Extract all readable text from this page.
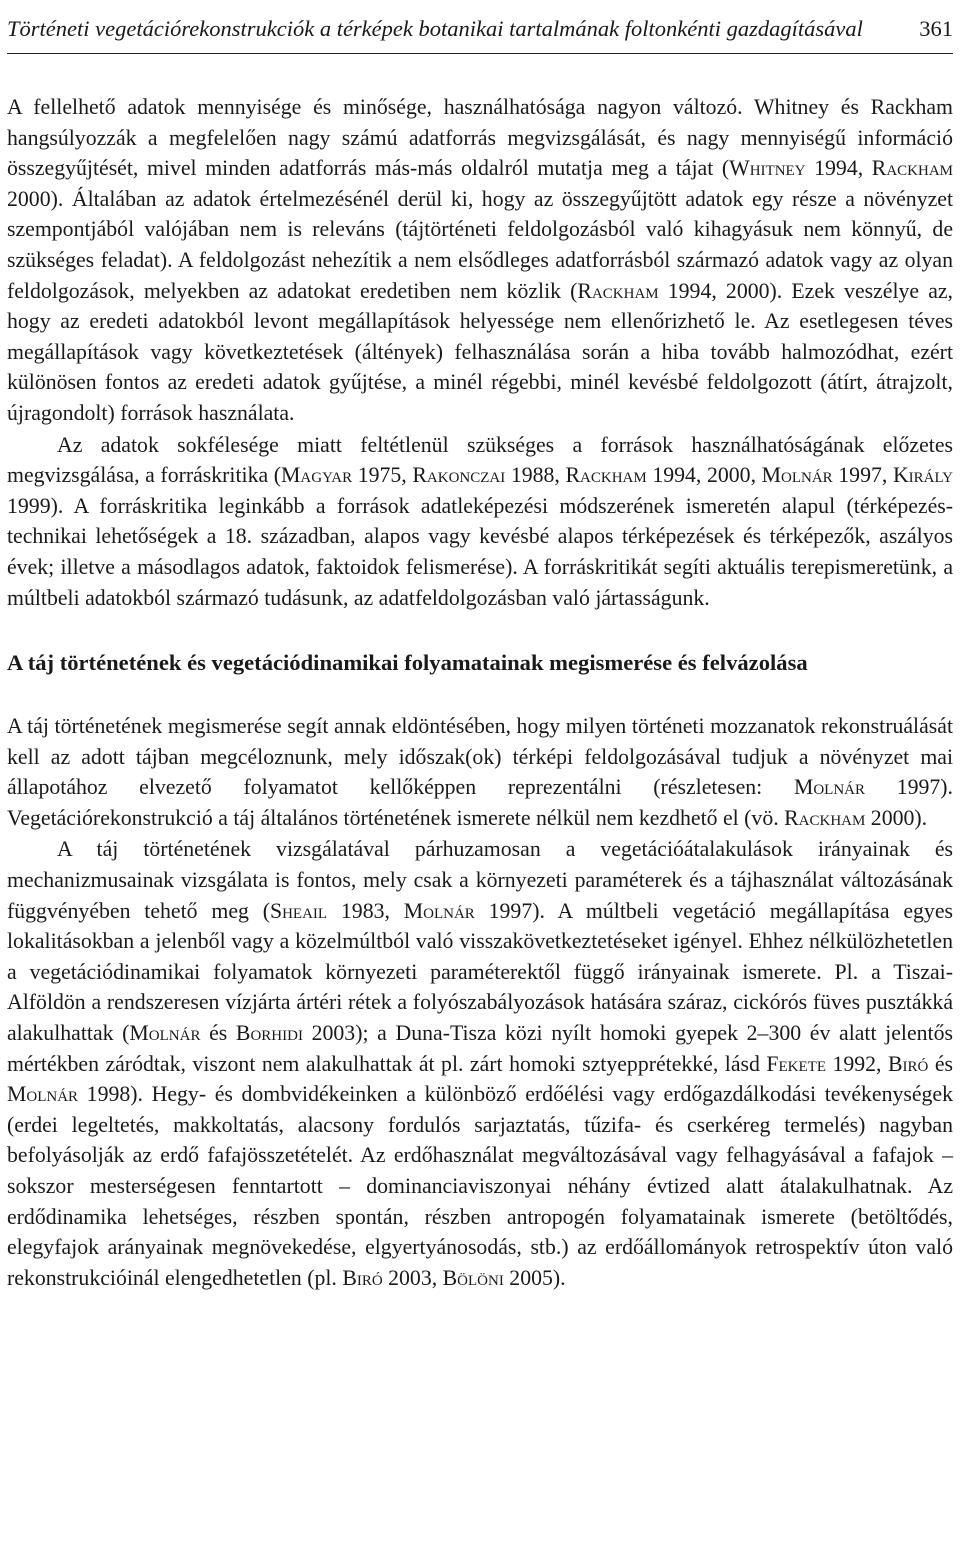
Történeti vegetációrekonstrukciók a térképek botanikai tartalmának foltonkénti gazdagításával	361

A fellelhető adatok mennyisége és minősége, használhatósága nagyon változó. Whitney és Rackham hangsúlyozzák a megfelelően nagy számú adatforrás megvizsgálását, és nagy mennyiségű információ összegyűjtését, mivel minden adatforrás más-más oldalról mutatja meg a tájat (Whitney 1994, Rackham 2000). Általában az adatok értelmezésénél derül ki, hogy az összegyűjtött adatok egy része a növényzet szempontjából valójában nem is releváns (tájtörténeti feldolgozásból való kihagyásuk nem könnyű, de szükséges feladat). A feldolgozást nehezítik a nem elsődleges adatforrásból származó adatok vagy az olyan feldolgozások, melyekben az adatokat eredetiben nem közlik (Rackham 1994, 2000). Ezek veszélye az, hogy az eredeti adatokból levont megállapítások helyessége nem ellenőrizhető le. Az esetlegesen téves megállapítások vagy következtetések (áltények) felhasználása során a hiba tovább halmozódhat, ezért különösen fontos az eredeti adatok gyűjtése, a minél régebbi, minél kevésbé feldolgozott (átírt, átrajzolt, újragondolt) források használata.

Az adatok sokfélesége miatt feltétlenül szükséges a források használhatóságának előzetes megvizsgálása, a forráskritika (Magyar 1975, Rakonczai 1988, Rackham 1994, 2000, Molnár 1997, Király 1999). A forráskritika leginkább a források adatleképezési módszerének ismeretén alapul (térképezés-technikai lehetőségek a 18. században, alapos vagy kevésbé alapos térképezések és térképezők, aszályos évek; illetve a másodlagos adatok, faktoidok felismerése). A forráskritikát segíti aktuális terepismeretünk, a múltbeli adatokból származó tudásunk, az adatfeldolgozásban való jártasságunk.

A táj történetének és vegetációdinamikai folyamatainak megismerése és felvázolása

A táj történetének megismerése segít annak eldöntésében, hogy milyen történeti mozzanatok rekonstruálását kell az adott tájban megcéloznunk, mely időszak(ok) térképi feldolgozásával tudjuk a növényzet mai állapotához elvezető folyamatot kellőképpen reprezentálni (részletesen: Molnár 1997). Vegetációrekonstrukció a táj általános történetének ismerete nélkül nem kezdhető el (vö. Rackham 2000).

A táj történetének vizsgálatával párhuzamosan a vegetációátalakulások irányainak és mechanizmusainak vizsgálata is fontos, mely csak a környezeti paraméterek és a tájhasználat változásának függvényében tehető meg (Sheail 1983, Molnár 1997). A múltbeli vegetáció megállapítása egyes lokalitásokban a jelenből vagy a közelmúltból való visszakövetkeztetéseket igényel. Ehhez nélkülözhetetlen a vegetációdinamikai folyamatok környezeti paraméterektől függő irányainak ismerete. Pl. a Tiszai-Alföldön a rendszeresen vízjárta ártéri rétek a folyószabályozások hatására száraz, cickórós füves pusztákká alakulhattak (Molnár és Borhidi 2003); a Duna-Tisza közi nyílt homoki gyepek 2–300 év alatt jelentős mértékben záródtak, viszont nem alakulhattak át pl. zárt homoki sztyepprétekké, lásd Fekete 1992, Biró és Molnár 1998). Hegy- és dombvidékeinken a különböző erdőélési vagy erdőgazdálkodási tevékenységek (erdei legeltetés, makkoltatás, alacsony fordulós sarjaztatás, tűzifa- és cserkéreg termelés) nagyban befolyásolják az erdő fafajösszetételét. Az erdőhasználat megváltozásával vagy felhagyásával a fafajok – sokszor mesterségesen fenntartott – dominanciaviszonyai néhány évtized alatt átalakulhatnak. Az erdődinamika lehetséges, részben spontán, részben antropogén folyamatainak ismerete (betöltődés, elegyfajok arányainak megnövekedése, elgyertyánosodás, stb.) az erdőállományok retrospektív úton való rekonstrukcióinál elengedhetetlen (pl. Biró 2003, Bölöni 2005).
